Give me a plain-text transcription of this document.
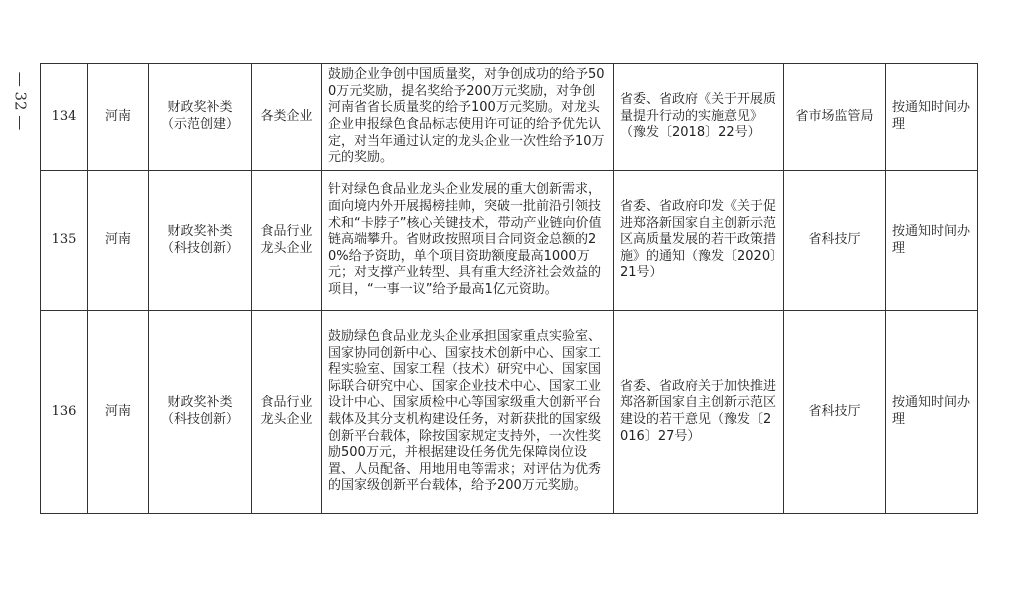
— 32 — 134	河南	财政奖补类（示范创建）	各类企业	鼓励企业争创中国质量奖，对争创成功的给予500万元奖励，提名奖给予200万元奖励，对争创河南省省长质量奖的给予100万元奖励。对龙头企业申报绿色食品标志使用许可证的给予优先认定，对当年通过认定的龙头企业一次性给予10万元的奖励。	省委、省政府《关于开展质量提升行动的实施意见》（豫发〔2018〕22号）	省市场监管局	按通知时间办理
135	河南	财政奖补类（科技创新）	食品行业龙头企业	针对绿色食品业龙头企业发展的重大创新需求，面向境内外开展揭榜挂帅，突破一批前沿引领技术和“卡脖子”核心关键技术，带动产业链向价值链高端攀升。省财政按照项目合同资金总额的20%给予资助，单个项目资助额度最高1000万元；对支撑产业转型、具有重大经济社会效益的项目，“一事一议”给予最高1亿元资助。	省委、省政府印发《关于促进郑洛新国家自主创新示范区高质量发展的若干政策措施》的通知（豫发〔2020〕21号）	省科技厅	按通知时间办理
136	河南	财政奖补类（科技创新）	食品行业龙头企业	鼓励绿色食品业龙头企业承担国家重点实验室、国家协同创新中心、国家技术创新中心、国家工程实验室、国家工程（技术）研究中心、国家国际联合研究中心、国家企业技术中心、国家工业设计中心、国家质检中心等国家级重大创新平台载体及其分支机构建设任务，对新获批的国家级创新平台载体，除按国家规定支持外，一次性奖励500万元，并根据建设任务优先保障岗位设置、人员配备、用地用电等需求；对评估为优秀的国家级创新平台载体，给予200万元奖励。	省委、省政府关于加快推进郑洛新国家自主创新示范区建设的若干意见（豫发〔2016〕27号）	省科技厅	按通知时间办理
